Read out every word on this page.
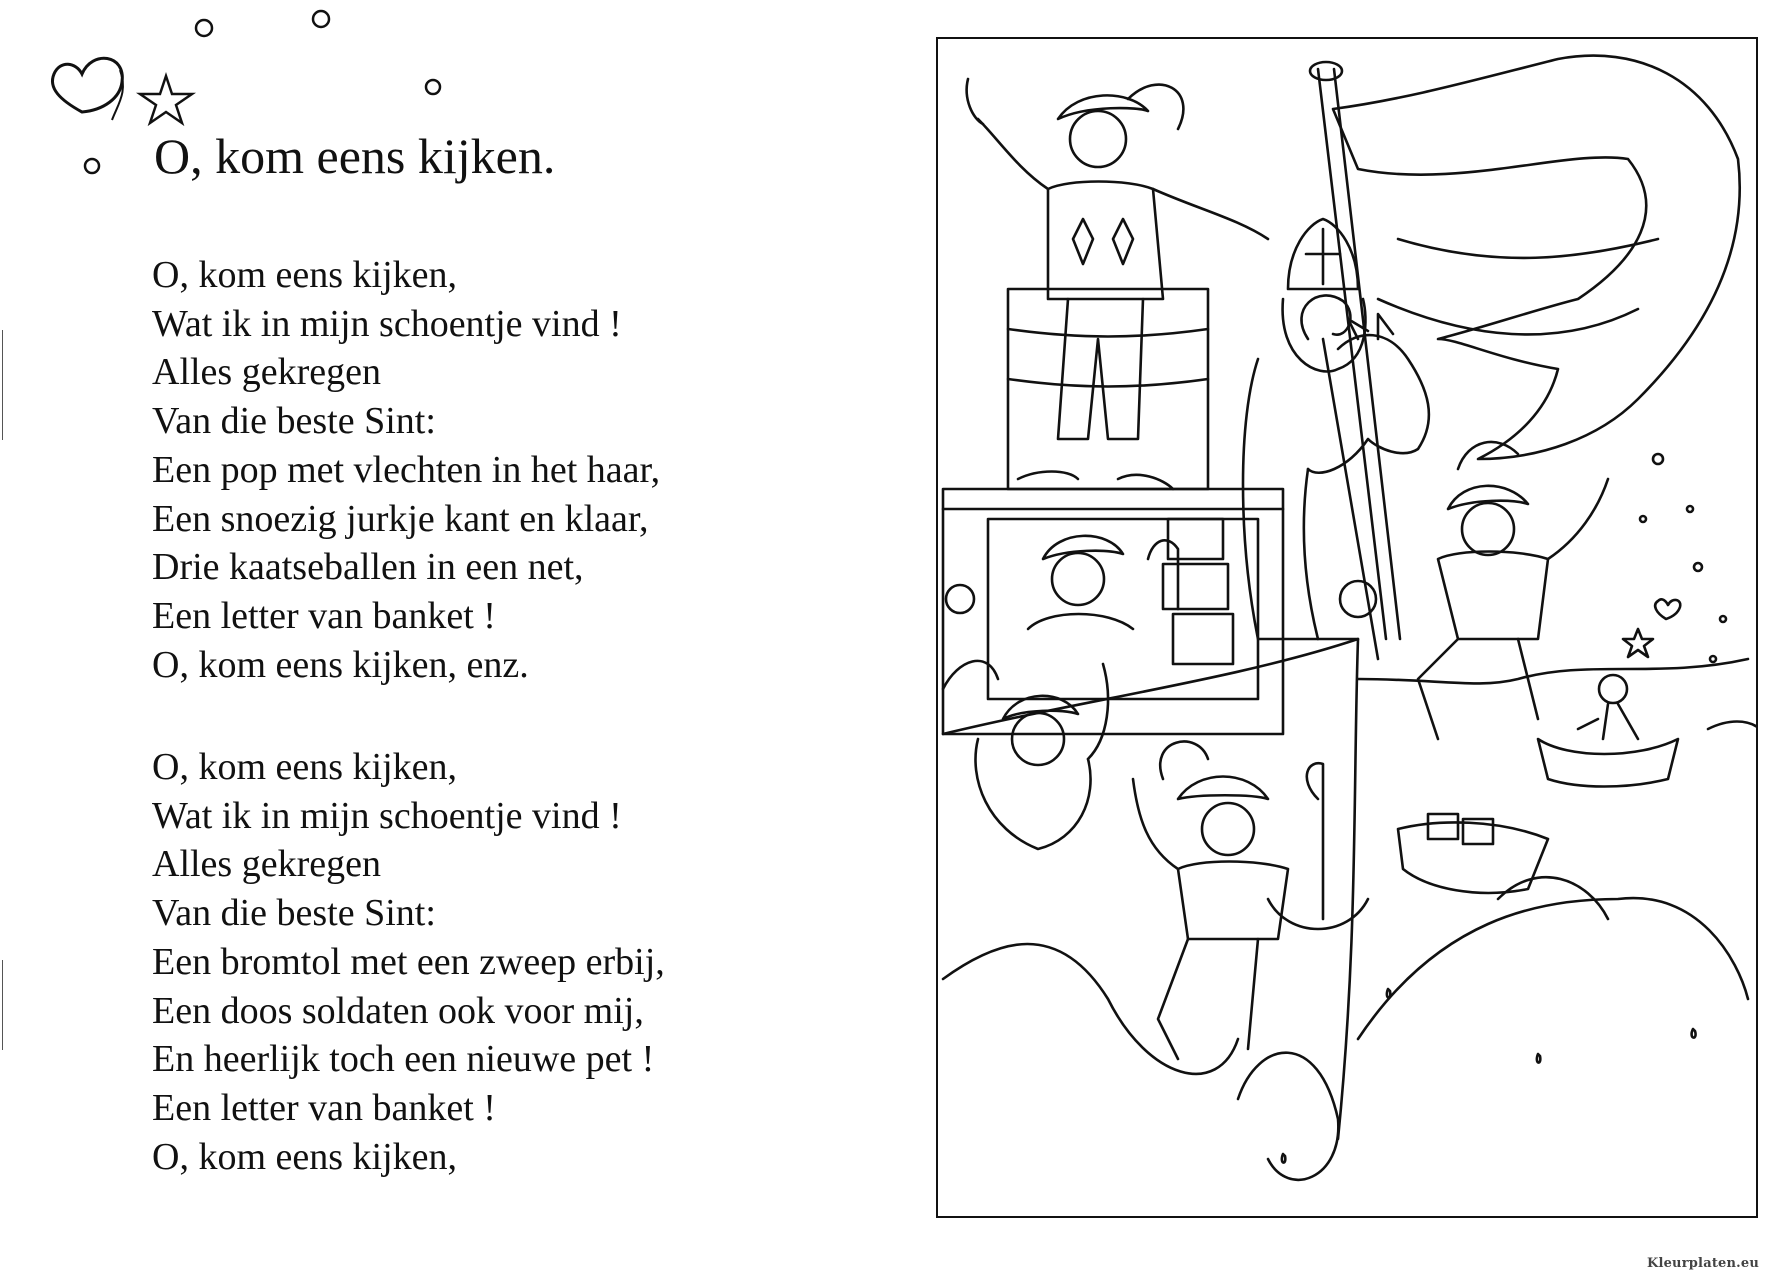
O, kom eens kijken.
O, kom eens kijken,
Wat ik in mijn schoentje vind !
Alles gekregen
Van die beste Sint:
Een pop met vlechten in het haar,
Een snoezig jurkje kant en klaar,
Drie kaatseballen in een net,
Een letter van banket !
O, kom eens kijken, enz.
O, kom eens kijken,
Wat ik in mijn schoentje vind !
Alles gekregen
Van die beste Sint:
Een bromtol met een zweep erbij,
Een doos soldaten ook voor mij,
En heerlijk toch een nieuwe pet !
Een letter van banket !
O, kom eens kijken,
Kleurplaten.eu
